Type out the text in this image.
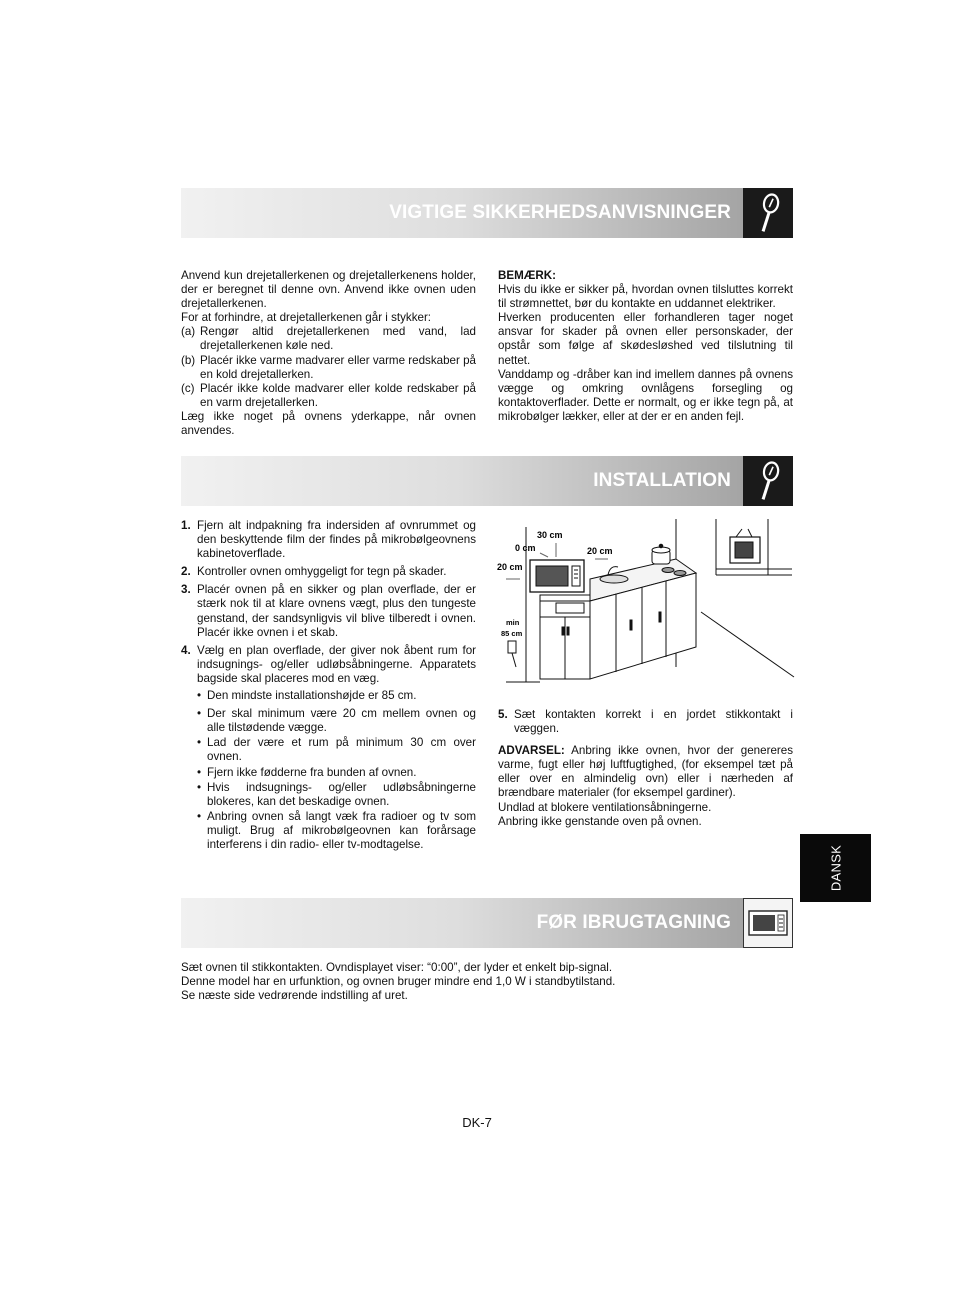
VIGTIGE SIKKERHEDSANVISNINGER

Anvend kun drejetallerkenen og drejetallerkenens holder, der er beregnet til denne ovn. Anvend ikke ovnen uden drejetallerkenen.

For at forhindre, at drejetallerkenen går i stykker:

(a) Rengør altid drejetallerkenen med vand, lad drejetallerkenen køle ned.
(b) Placér ikke varme madvarer eller varme redskaber på en kold drejetallerken.
(c) Placér ikke kolde madvarer eller kolde redskaber på en varm drejetallerken.

Læg ikke noget på ovnens yderkappe, når ovnen anvendes.

BEMÆRK:

Hvis du ikke er sikker på, hvordan ovnen tilsluttes korrekt til strømnettet, bør du kontakte en uddannet elektriker.

Hverken producenten eller forhandleren tager noget ansvar for skader på ovnen eller personskader, der opstår som følge af skødesløshed ved tilslutning til nettet.

Vanddamp og -dråber kan ind imellem dannes på ovnens vægge og omkring ovnlågens forsegling og kontaktoverflader. Dette er normalt, og er ikke tegn på, at mikrobølger lækker, eller at der er en anden fejl.

INSTALLATION
1. Fjern alt indpakning fra indersiden af ovnrummet og den beskyttende film der findes på mikrobølgeovnens kabinetoverflade.
2. Kontroller ovnen omhyggeligt for tegn på skader.
3. Placér ovnen på en sikker og plan overflade, der er stærk nok til at klare ovnens vægt, plus den tungeste genstand, der sandsynligvis vil blive tilberedt i ovnen. Placér ikke ovnen i et skab.
4. Vælg en plan overflade, der giver nok åbent rum for indsugnings- og/eller udløbsåbningerne. Apparatets bagside skal placeres mod en væg.
• Den mindste installationshøjde er 85 cm.
• Der skal minimum være 20 cm mellem ovnen og alle tilstødende vægge.
• Lad der være et rum på minimum 30 cm over ovnen.
• Fjern ikke fødderne fra bunden af ovnen.
• Hvis indsugnings- og/eller udløbsåbningerne blokeres, kan det beskadige ovnen.
• Anbring ovnen så langt væk fra radioer og tv som muligt. Brug af mikrobølgeovnen kan forårsage interferens i din radio- eller tv-modtagelse.
30 cm
0 cm	20 cm
20 cm
min
85 cm
5. Sæt kontakten korrekt i en jordet stikkontakt i væggen.

ADVARSEL: Anbring ikke ovnen, hvor der genereres varme, fugt eller høj luftfugtighed, (for eksempel tæt på eller over en almindelig ovn) eller i nærheden af brændbare materialer (for eksempel gardiner).

Undlad at blokere ventilationsåbningerne.

Anbring ikke genstande oven på ovnen.

DANSK
FØR IBRUGTAGNING

Sæt ovnen til stikkontakten. Ovndisplayet viser: “0:00”, der lyder et enkelt bip-signal.

Denne model har en urfunktion, og ovnen bruger mindre end 1,0 W i standbytilstand.

Se næste side vedrørende indstilling af uret.

DK-7
